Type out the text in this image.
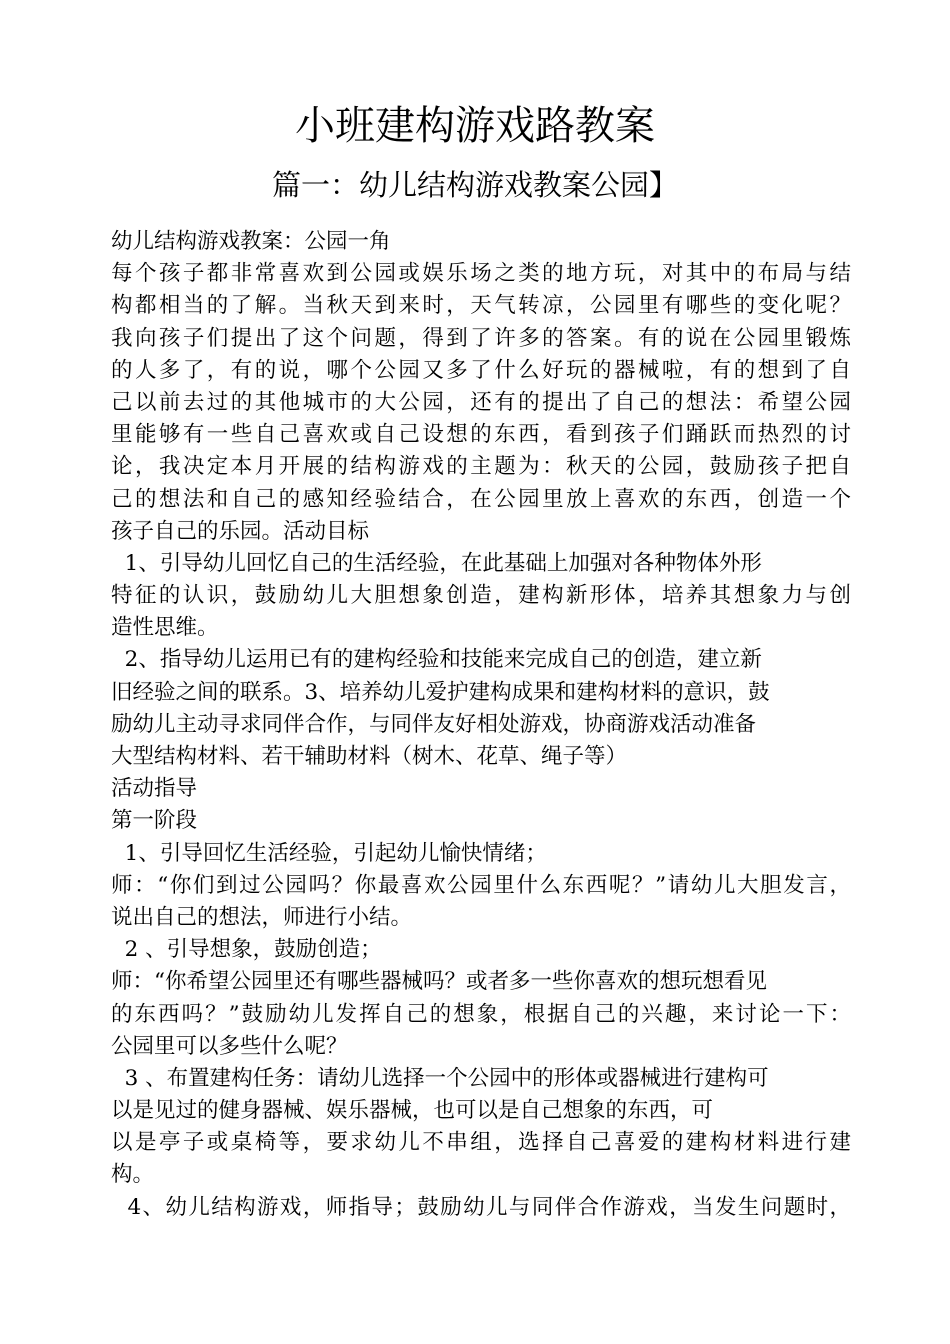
小班建构游戏路教案
篇一：幼儿结构游戏教案公园】
幼儿结构游戏教案：公园一角
每个孩子都非常喜欢到公园或娱乐场之类的地方玩，对其中的布局与结
构都相当的了解。当秋天到来时，天气转凉，公园里有哪些的变化呢？
我向孩子们提出了这个问题，得到了许多的答案。有的说在公园里锻炼
的人多了，有的说，哪个公园又多了什么好玩的器械啦，有的想到了自
己以前去过的其他城市的大公园，还有的提出了自己的想法：希望公园
里能够有一些自己喜欢或自己设想的东西，看到孩子们踊跃而热烈的讨
论，我决定本月开展的结构游戏的主题为：秋天的公园，鼓励孩子把自
己的想法和自己的感知经验结合，在公园里放上喜欢的东西，创造一个
孩子自己的乐园。活动目标
1、引导幼儿回忆自己的生活经验，在此基础上加强对各种物体外形
特征的认识，鼓励幼儿大胆想象创造，建构新形体，培养其想象力与创
造性思维。
2、指导幼儿运用已有的建构经验和技能来完成自己的创造，建立新
旧经验之间的联系。3、培养幼儿爱护建构成果和建构材料的意识，鼓
励幼儿主动寻求同伴合作，与同伴友好相处游戏，协商游戏活动准备
大型结构材料、若干辅助材料（树木、花草、绳子等）
活动指导
第一阶段
1、引导回忆生活经验，引起幼儿愉快情绪；
师：“你们到过公园吗？你最喜欢公园里什么东西呢？”请幼儿大胆发言，
说出自己的想法，师进行小结。
2 、引导想象，鼓励创造；
师：“你希望公园里还有哪些器械吗？或者多一些你喜欢的想玩想看见
的东西吗？”鼓励幼儿发挥自己的想象，根据自己的兴趣，来讨论一下：
公园里可以多些什么呢？
3 、布置建构任务：请幼儿选择一个公园中的形体或器械进行建构可
以是见过的健身器械、娱乐器械，也可以是自己想象的东西，可
以是亭子或桌椅等，要求幼儿不串组，选择自己喜爱的建构材料进行建
构。
4、幼儿结构游戏，师指导；鼓励幼儿与同伴合作游戏，当发生问题时，
